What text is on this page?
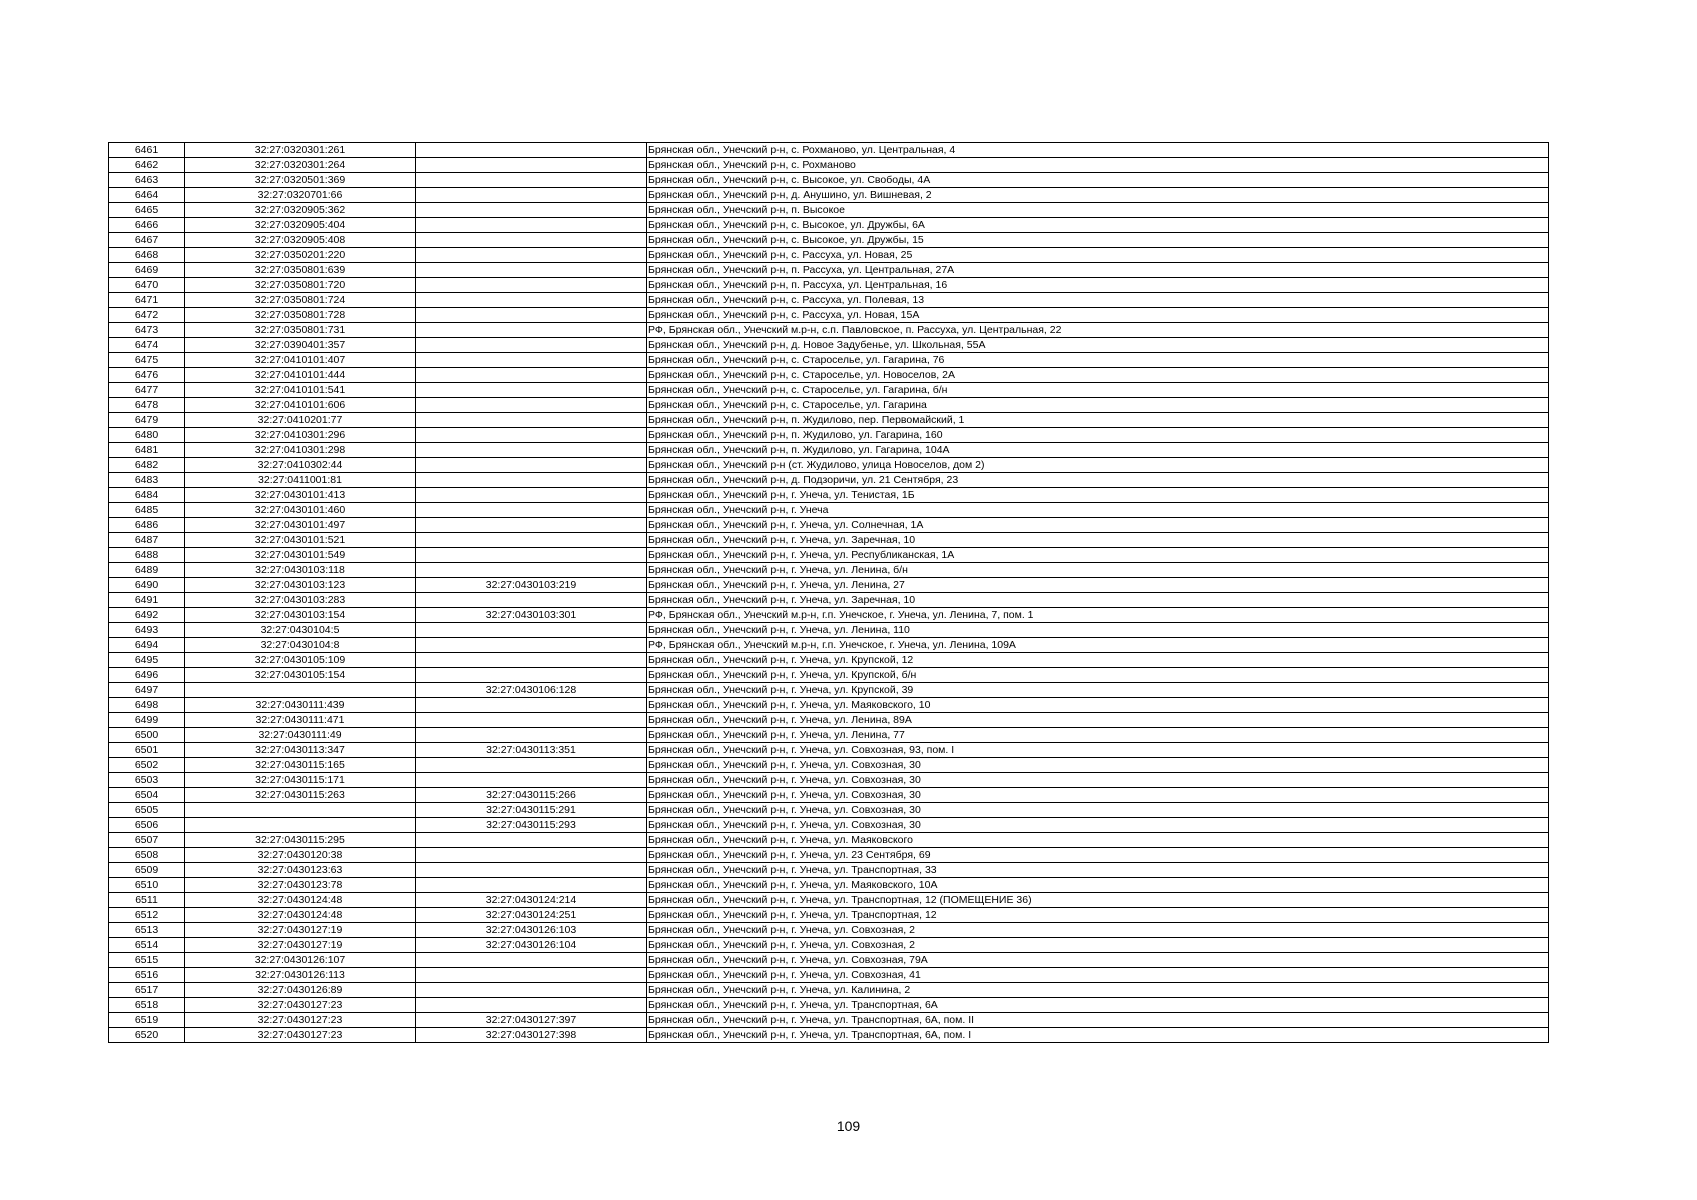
6461	32:27:0320301:261		Брянская обл., Унечский р-н, с. Рохманово, ул. Центральная, 4
6462	32:27:0320301:264		Брянская обл., Унечский р-н, с. Рохманово
6463	32:27:0320501:369		Брянская обл., Унечский р-н, с. Высокое, ул. Свободы, 4А
6464	32:27:0320701:66		Брянская обл., Унечский р-н, д. Анушино, ул. Вишневая, 2
6465	32:27:0320905:362		Брянская обл., Унечский р-н, п. Высокое
6466	32:27:0320905:404		Брянская обл., Унечский р-н, с. Высокое, ул. Дружбы, 6А
6467	32:27:0320905:408		Брянская обл., Унечский р-н, с. Высокое, ул. Дружбы, 15
6468	32:27:0350201:220		Брянская обл., Унечский р-н, с. Рассуха, ул. Новая, 25
6469	32:27:0350801:639		Брянская обл., Унечский р-н, п. Рассуха, ул. Центральная, 27А
6470	32:27:0350801:720		Брянская обл., Унечский р-н, п. Рассуха, ул. Центральная, 16
6471	32:27:0350801:724		Брянская обл., Унечский р-н, с. Рассуха, ул. Полевая, 13
6472	32:27:0350801:728		Брянская обл., Унечский р-н, с. Рассуха, ул. Новая, 15А
6473	32:27:0350801:731		РФ, Брянская обл., Унечский м.р-н, с.п. Павловское, п. Рассуха, ул. Центральная, 22
6474	32:27:0390401:357		Брянская обл., Унечский р-н, д. Новое Задубенье, ул. Школьная, 55А
6475	32:27:0410101:407		Брянская обл., Унечский р-н, с. Староселье, ул. Гагарина, 76
6476	32:27:0410101:444		Брянская обл., Унечский р-н, с. Староселье, ул. Новоселов, 2А
6477	32:27:0410101:541		Брянская обл., Унечский р-н, с. Староселье, ул. Гагарина, б/н
6478	32:27:0410101:606		Брянская обл., Унечский р-н, с. Староселье, ул. Гагарина
6479	32:27:0410201:77		Брянская обл., Унечский р-н, п. Жудилово, пер. Первомайский, 1
6480	32:27:0410301:296		Брянская обл., Унечский р-н, п. Жудилово, ул. Гагарина, 160
6481	32:27:0410301:298		Брянская обл., Унечский р-н, п. Жудилово, ул. Гагарина, 104А
6482	32:27:0410302:44		Брянская обл., Унечский р-н (ст. Жудилово, улица Новоселов, дом 2)
6483	32:27:0411001:81		Брянская обл., Унечский р-н, д. Подзоричи, ул. 21 Сентября, 23
6484	32:27:0430101:413		Брянская обл., Унечский р-н, г. Унеча, ул. Тенистая, 1Б
6485	32:27:0430101:460		Брянская обл., Унечский р-н, г. Унеча
6486	32:27:0430101:497		Брянская обл., Унечский р-н, г. Унеча, ул. Солнечная, 1А
6487	32:27:0430101:521		Брянская обл., Унечский р-н, г. Унеча, ул. Заречная, 10
6488	32:27:0430101:549		Брянская обл., Унечский р-н, г. Унеча, ул. Республиканская, 1А
6489	32:27:0430103:118		Брянская обл., Унечский р-н, г. Унеча, ул. Ленина, б/н
6490	32:27:0430103:123	32:27:0430103:219	Брянская обл., Унечский р-н, г. Унеча, ул. Ленина, 27
6491	32:27:0430103:283		Брянская обл., Унечский р-н, г. Унеча, ул. Заречная, 10
6492	32:27:0430103:154	32:27:0430103:301	РФ, Брянская обл., Унечский м.р-н, г.п. Унечское, г. Унеча, ул. Ленина, 7, пом. 1
6493	32:27:0430104:5		Брянская обл., Унечский р-н, г. Унеча, ул. Ленина, 110
6494	32:27:0430104:8		РФ, Брянская обл., Унечский м.р-н, г.п. Унечское, г. Унеча, ул. Ленина, 109А
6495	32:27:0430105:109		Брянская обл., Унечский р-н, г. Унеча, ул. Крупской, 12
6496	32:27:0430105:154		Брянская обл., Унечский р-н, г. Унеча, ул. Крупской, б/н
6497		32:27:0430106:128	Брянская обл., Унечский р-н, г. Унеча, ул. Крупской, 39
6498	32:27:0430111:439		Брянская обл., Унечский р-н, г. Унеча, ул. Маяковского, 10
6499	32:27:0430111:471		Брянская обл., Унечский р-н, г. Унеча, ул. Ленина, 89А
6500	32:27:0430111:49		Брянская обл., Унечский р-н, г. Унеча, ул. Ленина, 77
6501	32:27:0430113:347	32:27:0430113:351	Брянская обл., Унечский р-н, г. Унеча, ул. Совхозная, 93, пом. I
6502	32:27:0430115:165		Брянская обл., Унечский р-н, г. Унеча, ул. Совхозная, 30
6503	32:27:0430115:171		Брянская обл., Унечский р-н, г. Унеча, ул. Совхозная, 30
6504	32:27:0430115:263	32:27:0430115:266	Брянская обл., Унечский р-н, г. Унеча, ул. Совхозная, 30
6505		32:27:0430115:291	Брянская обл., Унечский р-н, г. Унеча, ул. Совхозная, 30
6506		32:27:0430115:293	Брянская обл., Унечский р-н, г. Унеча, ул. Совхозная, 30
6507	32:27:0430115:295		Брянская обл., Унечский р-н, г. Унеча, ул. Маяковского
6508	32:27:0430120:38		Брянская обл., Унечский р-н, г. Унеча, ул. 23 Сентября, 69
6509	32:27:0430123:63		Брянская обл., Унечский р-н, г. Унеча, ул. Транспортная, 33
6510	32:27:0430123:78		Брянская обл., Унечский р-н, г. Унеча, ул. Маяковского, 10А
6511	32:27:0430124:48	32:27:0430124:214	Брянская обл., Унечский р-н, г. Унеча, ул. Транспортная, 12 (ПОМЕЩЕНИЕ 36)
6512	32:27:0430124:48	32:27:0430124:251	Брянская обл., Унечский р-н, г. Унеча, ул. Транспортная, 12
6513	32:27:0430127:19	32:27:0430126:103	Брянская обл., Унечский р-н, г. Унеча, ул. Совхозная, 2
6514	32:27:0430127:19	32:27:0430126:104	Брянская обл., Унечский р-н, г. Унеча, ул. Совхозная, 2
6515	32:27:0430126:107		Брянская обл., Унечский р-н, г. Унеча, ул. Совхозная, 79А
6516	32:27:0430126:113		Брянская обл., Унечский р-н, г. Унеча, ул. Совхозная, 41
6517	32:27:0430126:89		Брянская обл., Унечский р-н, г. Унеча, ул. Калинина, 2
6518	32:27:0430127:23		Брянская обл., Унечский р-н, г. Унеча, ул. Транспортная, 6А
6519	32:27:0430127:23	32:27:0430127:397	Брянская обл., Унечский р-н, г. Унеча, ул. Транспортная, 6А, пом. II
6520	32:27:0430127:23	32:27:0430127:398	Брянская обл., Унечский р-н, г. Унеча, ул. Транспортная, 6А, пом. I
109
